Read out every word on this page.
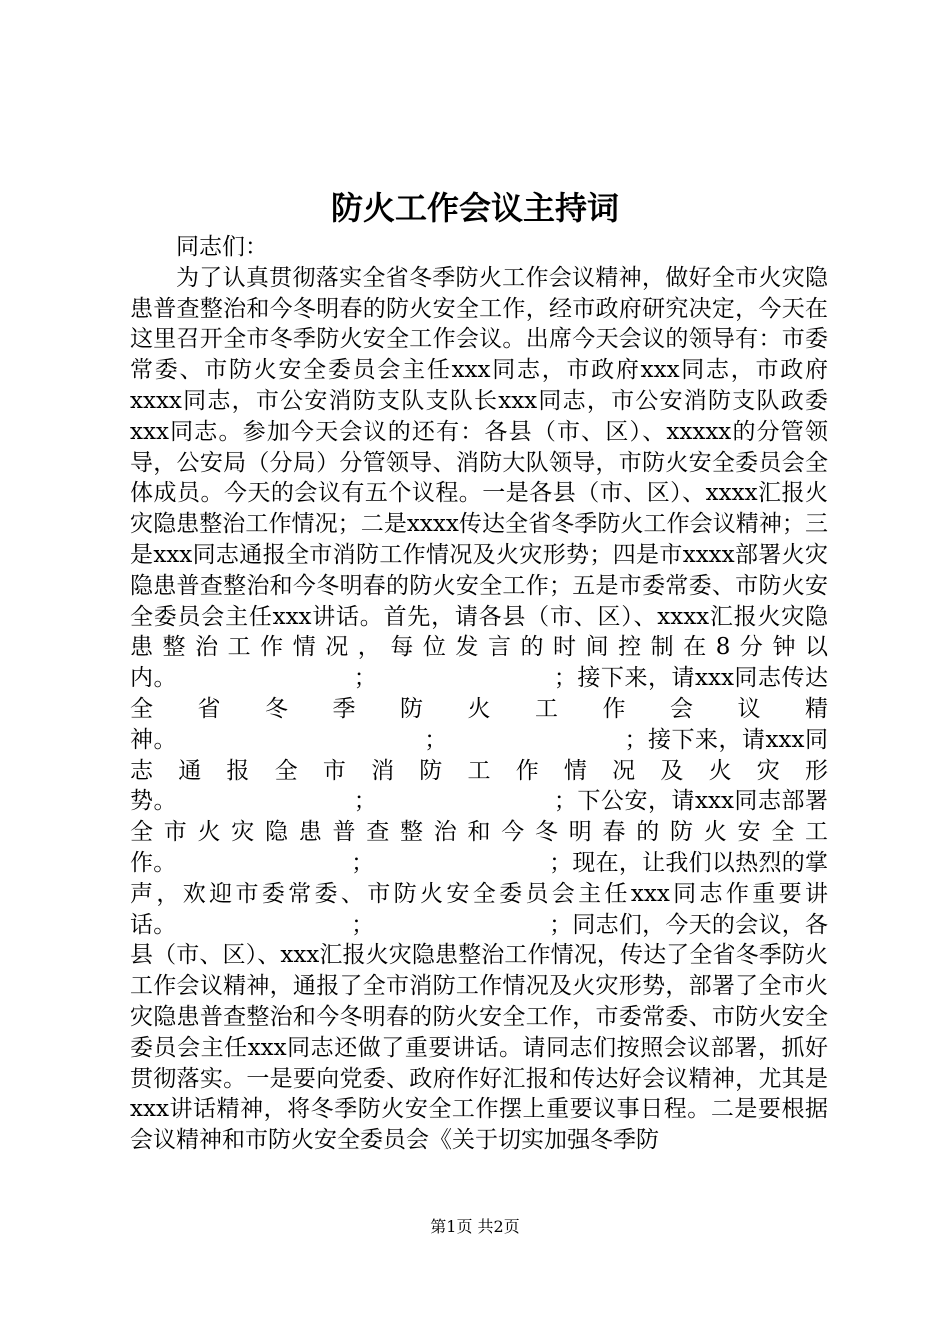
防火工作会议主持词

同志们：

为了认真贯彻落实全省冬季防火工作会议精神，做好全市火灾隐患普查整治和今冬明春的防火安全工作，经市政府研究决定，今天在这里召开全市冬季防火安全工作会议。出席今天会议的领导有：市委常委、市防火安全委员会主任xxx同志，市政府xxx同志，市政府xxxx同志，市公安消防支队支队长xxx同志，市公安消防支队政委xxx同志。参加今天会议的还有：各县（市、区）、xxxxx的分管领导，公安局（分局）分管领导、消防大队领导，市防火安全委员会全体成员。今天的会议有五个议程。一是各县（市、区）、xxxx汇报火灾隐患整治工作情况；二是xxxx传达全省冬季防火工作会议精神；三是xxx同志通报全市消防工作情况及火灾形势；四是市xxxx部署火灾隐患普查整治和今冬明春的防火安全工作；五是市委常委、市防火安全委员会主任xxx讲话。首先，请各县（市、区）、xxxx汇报火灾隐患整治工作情况，每位发言的时间控制在8分钟以内。　　　　　　　　；　　　　　　　　；接下来，请xxx同志传达全省冬季防火工作会议精神。　　　　　　　　　　　；　　　　　　　　；接下来，请xxx同志通报全市消防工作情况及火灾形势。　　　　　　　　；　　　　　　　　；下公安，请xxx同志部署全市火灾隐患普查整治和今冬明春的防火安全工作。　　　　　　　　；　　　　　　　　；现在，让我们以热烈的掌声，欢迎市委常委、市防火安全委员会主任xxx同志作重要讲话。　　　　　　　　；　　　　　　　　；同志们，今天的会议，各县（市、区）、xxx汇报火灾隐患整治工作情况，传达了全省冬季防火工作会议精神，通报了全市消防工作情况及火灾形势，部署了全市火灾隐患普查整治和今冬明春的防火安全工作，市委常委、市防火安全委员会主任xxx同志还做了重要讲话。请同志们按照会议部署，抓好贯彻落实。一是要向党委、政府作好汇报和传达好会议精神，尤其是xxx讲话精神，将冬季防火安全工作摆上重要议事日程。二是要根据会议精神和市防火安全委员会《关于切实加强冬季防

第1页 共2页
